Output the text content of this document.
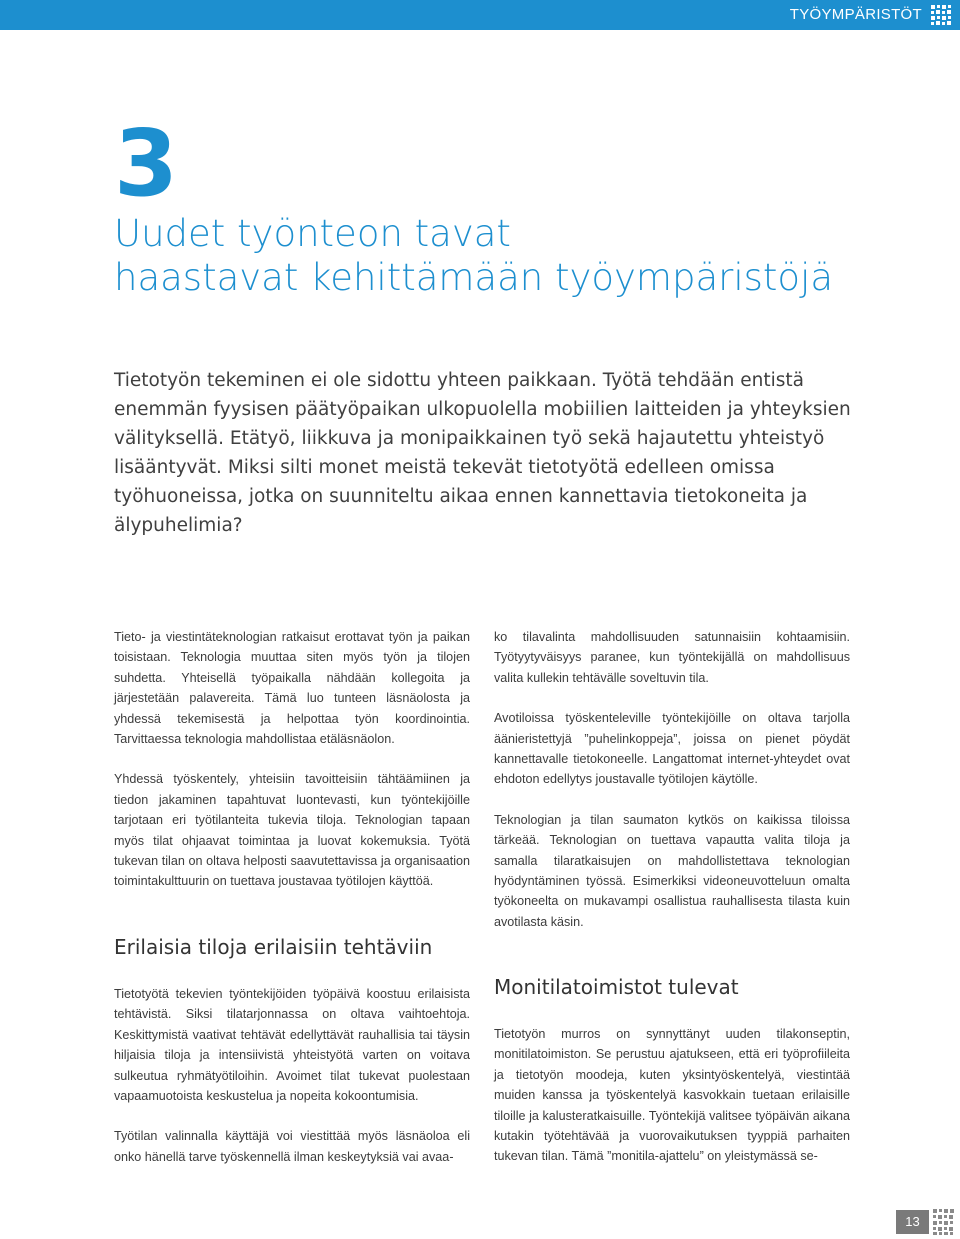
TYÖYMPÄRISTÖT
3
Uudet työnteon tavat
haastavat kehittämään työympäristöjä

Tietotyön tekeminen ei ole sidottu yhteen paikkaan. Työtä tehdään entistä enemmän fyysisen päätyöpaikan ulkopuolella mobiilien laitteiden ja yhteyksien välityksellä. Etätyö, liikkuva ja monipaikkainen työ sekä hajautettu yhteistyö lisääntyvät. Miksi silti monet meistä tekevät tietotyötä edelleen omissa työhuoneissa, jotka on suunniteltu aikaa ennen kannettavia tietokoneita ja älypuhelimia?

Tieto- ja viestintäteknologian ratkaisut erottavat työn ja paikan toisistaan. Teknologia muuttaa siten myös työn ja tilojen suhdetta. Yhteisellä työpaikalla nähdään kollegoita ja järjestetään palavereita. Tämä luo tunteen läsnäolosta ja yhdessä tekemisestä ja helpottaa työn koordinointia. Tarvittaessa teknologia mahdollistaa etäläsnäolon.

Yhdessä työskentely, yhteisiin tavoitteisiin tähtäämiinen ja tiedon jakaminen tapahtuvat luontevasti, kun työntekijöille tarjotaan eri työtilanteita tukevia tiloja. Teknologian tapaan myös tilat ohjaavat toimintaa ja luovat kokemuksia. Työtä tukevan tilan on oltava helposti saavutettavissa ja organisaation toimintakulttuurin on tuettava joustavaa työtilojen käyttöä.

Erilaisia tiloja erilaisiin tehtäviin

Tietotyötä tekevien työntekijöiden työpäivä koostuu erilaisista tehtävistä. Siksi tilatarjonnassa on oltava vaihtoehtoja. Keskittymistä vaativat tehtävät edellyttävät rauhallisia tai täysin hiljaisia tiloja ja intensiivistä yhteistyötä varten on voitava sulkeutua ryhmätyötiloihin. Avoimet tilat tukevat puolestaan vapaamuotoista keskustelua ja nopeita kokoontumisia.

Työtilan valinnalla käyttäjä voi viestittää myös läsnäoloa eli onko hänellä tarve työskennellä ilman keskeytyksiä vai avaa-

ko tilavalinta mahdollisuuden satunnaisiin kohtaamisiin. Työtyytyväisyys paranee, kun työntekijällä on mahdollisuus valita kullekin tehtävälle soveltuvin tila.

Avotiloissa työskenteleville työntekijöille on oltava tarjolla äänieristettyjä ”puhelinkoppeja”, joissa on pienet pöydät kannettavalle tietokoneelle. Langattomat internet-yhteydet ovat ehdoton edellytys joustavalle työtilojen käytölle.

Teknologian ja tilan saumaton kytkös on kaikissa tiloissa tärkeää. Teknologian on tuettava vapautta valita tiloja ja samalla tilaratkaisujen on mahdollistettava teknologian hyödyntäminen työssä. Esimerkiksi videoneuvotteluun omalta työkoneelta on mukavampi osallistua rauhallisesta tilasta kuin avotilasta käsin.

Monitilatoimistot tulevat

Tietotyön murros on synnyttänyt uuden tilakonseptin, monitilatoimiston. Se perustuu ajatukseen, että eri työprofiileita ja tietotyön moodeja, kuten yksintyöskentelyä, viestintää muiden kanssa ja työskentelyä kasvokkain tuetaan erilaisille tiloille ja kalusteratkaisuille. Työntekijä valitsee työpäivän aikana kutakin työtehtävää ja vuorovaikutuksen tyyppiä parhaiten tukevan tilan. Tämä ”monitila-ajattelu” on yleistymässä se-

13
